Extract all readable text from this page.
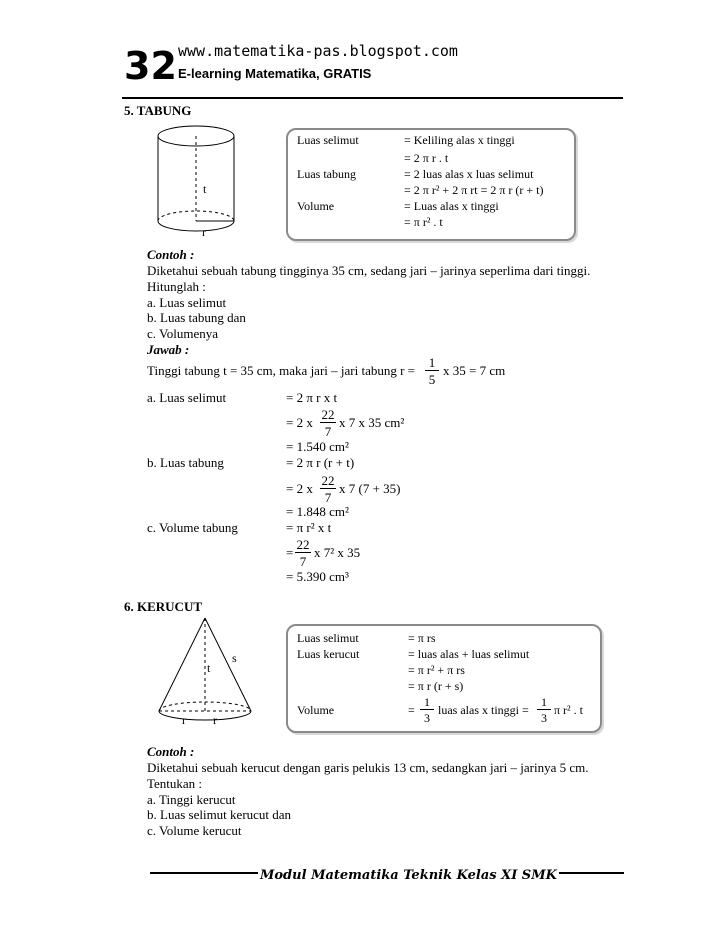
32 www.matematika-pas.blogspot.com
E-learning Matematika, GRATIS
5. TABUNG
t
r
Luas selimut	= Keliling alas x tinggi
= 2 π r . t
Luas tabung	= 2 luas alas x luas selimut
= 2 π r² + 2 π rt = 2 π r (r + t)
Volume	= Luas alas x tinggi
= π r² . t
Contoh :
Diketahui sebuah tabung tingginya 35 cm, sedang jari – jarinya seperlima dari tinggi.
Hitunglah :
a. Luas selimut
b. Luas tabung dan
c. Volumenya
Jawab :
Tinggi tabung t = 35 cm, maka jari – jari tabung $r = \frac{1}{5}$ x 35 = 7 cm
a. Luas selimut	= 2 π r x t
= 2 x $\frac{22}{7}$ x 7 x 35 cm²
= 1.540 cm²
b. Luas tabung	= 2 π r (r + t)
= 2 x $\frac{22}{7}$ x 7 (7 + 35)
= 1.848 cm²
c. Volume tabung	= π r² x t
= $\frac{22}{7}$ x 7² x 35
= 5.390 cm³
6. KERUCUT
s
t
r r
Luas selimut	= π rs
Luas kerucut	= luas alas + luas selimut
= π r² + π rs
= π r (r + s)
Volume	= $\frac{1}{3}$ luas alas x tinggi = $\frac{1}{3}$ π r² . t
Contoh :
Diketahui sebuah kerucut dengan garis pelukis 13 cm, sedangkan jari – jarinya 5 cm.
Tentukan :
a. Tinggi kerucut
b. Luas selimut kerucut dan
c. Volume kerucut
Modul Matematika Teknik Kelas XI SMK
